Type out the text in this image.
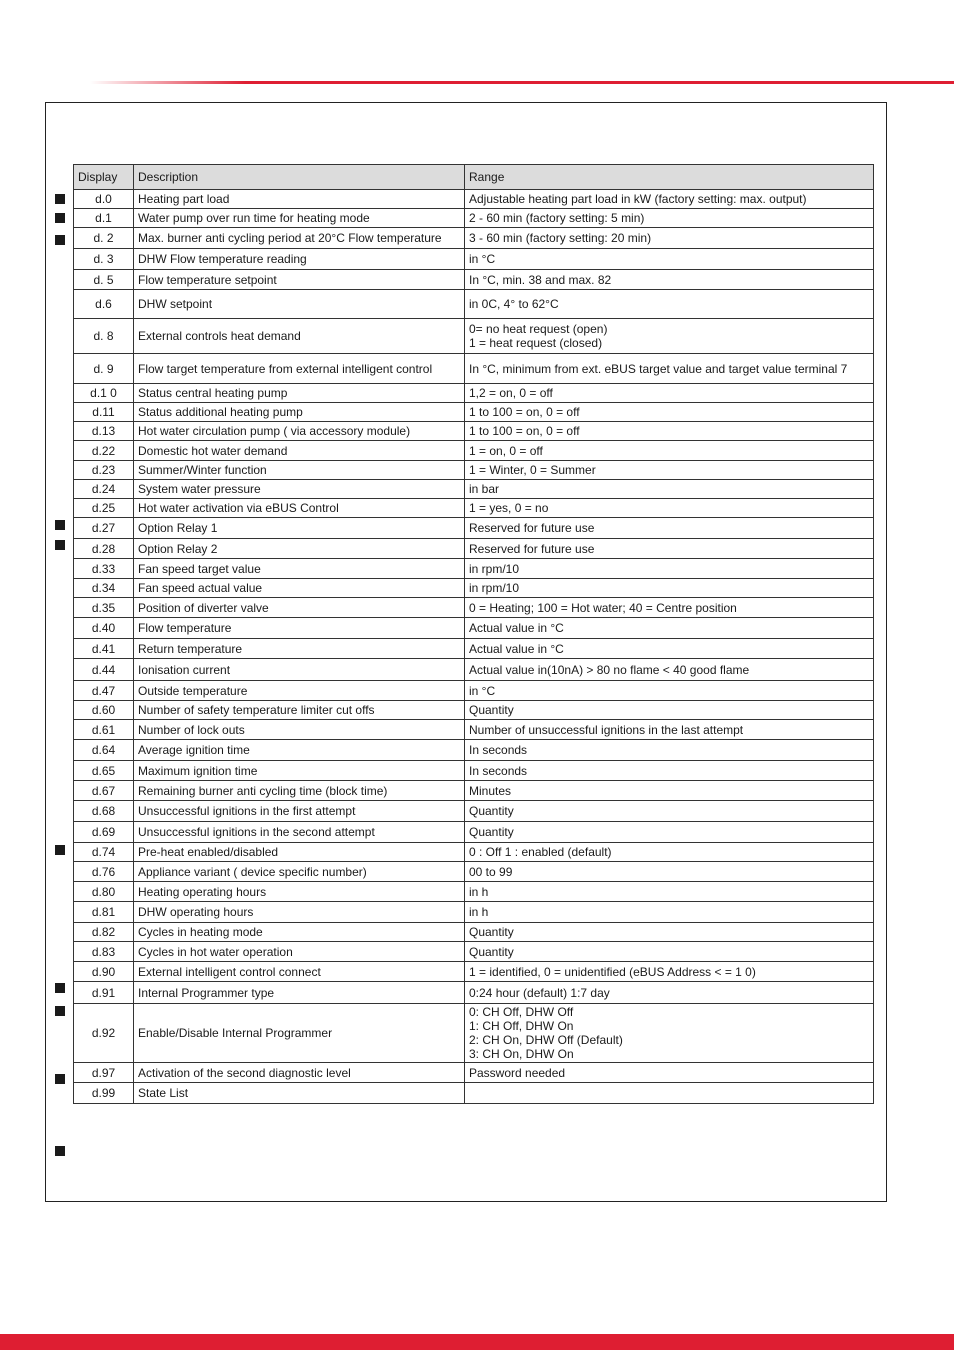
Display	Description	Range
d.0	Heating part load	Adjustable heating part load in kW (factory setting: max. output)

d.1	Water pump over run time for heating mode	2 - 60 min (factory setting: 5 min)

d. 2	Max. burner anti cycling period at 20°C Flow temperature	3 - 60 min (factory setting: 20 min)

d. 3	DHW Flow temperature reading	in °C

d. 5	Flow temperature setpoint	In °C, min. 38 and max. 82

d.6	DHW setpoint	in 0C, 4° to 62°C

d. 8	External controls heat demand	0= no heat request (open)
1 = heat request (closed)

d. 9	Flow target temperature from external intelligent control	In °C, minimum from ext. eBUS target value and target value terminal 7

d.1 0	Status central heating pump	1,2 = on, 0 = off

d.11	Status additional heating pump	1 to 100 = on, 0 = off

d.13	Hot water circulation pump ( via accessory module)	1 to 100 = on, 0 = off

d.22	Domestic hot water demand	1 = on, 0 = off

d.23	Summer/Winter function	1 = Winter, 0 = Summer

d.24	System water pressure	in bar

d.25	Hot water activation via eBUS Control	1 = yes, 0 = no

d.27	Option Relay 1	Reserved for future use

d.28	Option Relay 2	Reserved for future use

d.33	Fan speed target value	in rpm/10

d.34	Fan speed actual value	in rpm/10

d.35	Position of diverter valve	0 = Heating; 100 = Hot water; 40 = Centre position

d.40	Flow temperature	Actual value in °C

d.41	Return temperature	Actual value in °C

d.44	Ionisation current	Actual value in(10nA) > 80 no flame < 40 good flame

d.47	Outside temperature	in °C

d.60	Number of safety temperature limiter cut offs	Quantity

d.61	Number of lock outs	Number of unsuccessful ignitions in the last attempt

d.64	Average ignition time	In seconds

d.65	Maximum ignition time	In seconds

d.67	Remaining burner anti cycling time (block time)	Minutes

d.68	Unsuccessful ignitions in the first attempt	Quantity

d.69	Unsuccessful ignitions in the second attempt	Quantity

d.74	Pre-heat enabled/disabled	0 : Off 1 : enabled (default)

d.76	Appliance variant ( device specific number)	00 to 99

d.80	Heating operating hours	in h

d.81	DHW operating hours	in h

d.82	Cycles in heating mode	Quantity

d.83	Cycles in hot water operation	Quantity

d.90	External intelligent control connect	1 = identified, 0 = unidentified (eBUS Address < = 1 0)

d.91	Internal Programmer type	0:24 hour (default) 1:7 day

d.92	Enable/Disable Internal Programmer	0: CH Off, DHW Off
1: CH Off, DHW On
2: CH On, DHW Off (Default)
3: CH On, DHW On

d.97	Activation of the second diagnostic level	Password needed

d.99	State List	
